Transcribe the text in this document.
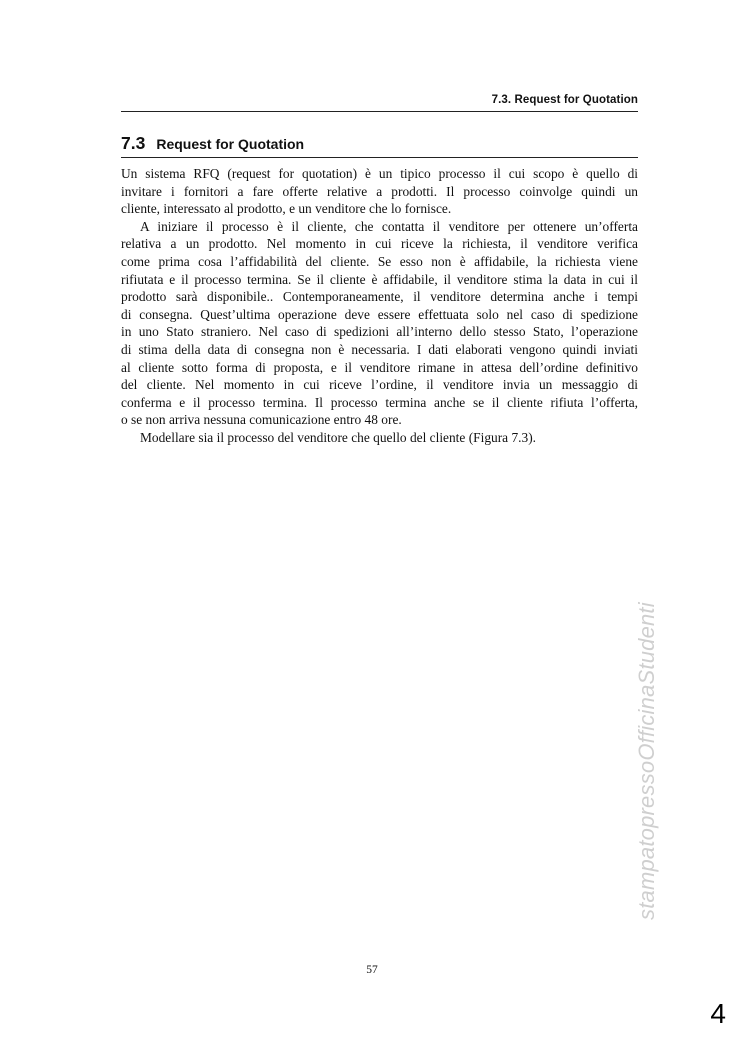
7.3. Request for Quotation
7.3 Request for Quotation
Un sistema RFQ (request for quotation) è un tipico processo il cui scopo è quello di
invitare i fornitori a fare offerte relative a prodotti. Il processo coinvolge quindi un
cliente, interessato al prodotto, e un venditore che lo fornisce.
A iniziare il processo è il cliente, che contatta il venditore per ottenere un’offerta
relativa a un prodotto. Nel momento in cui riceve la richiesta, il venditore verifica
come prima cosa l’affidabilità del cliente. Se esso non è affidabile, la richiesta viene
rifiutata e il processo termina. Se il cliente è affidabile, il venditore stima la data in cui il
prodotto sarà disponibile.. Contemporaneamente, il venditore determina anche i tempi
di consegna. Quest’ultima operazione deve essere effettuata solo nel caso di spedizione
in uno Stato straniero. Nel caso di spedizioni all’interno dello stesso Stato, l’operazione
di stima della data di consegna non è necessaria. I dati elaborati vengono quindi inviati
al cliente sotto forma di proposta, e il venditore rimane in attesa dell’ordine definitivo
del cliente. Nel momento in cui riceve l’ordine, il venditore invia un messaggio di
conferma e il processo termina. Il processo termina anche se il cliente rifiuta l’offerta,
o se non arriva nessuna comunicazione entro 48 ore.
Modellare sia il processo del venditore che quello del cliente (Figura 7.3).
57
stampatopressoOfficinaStudenti
4
